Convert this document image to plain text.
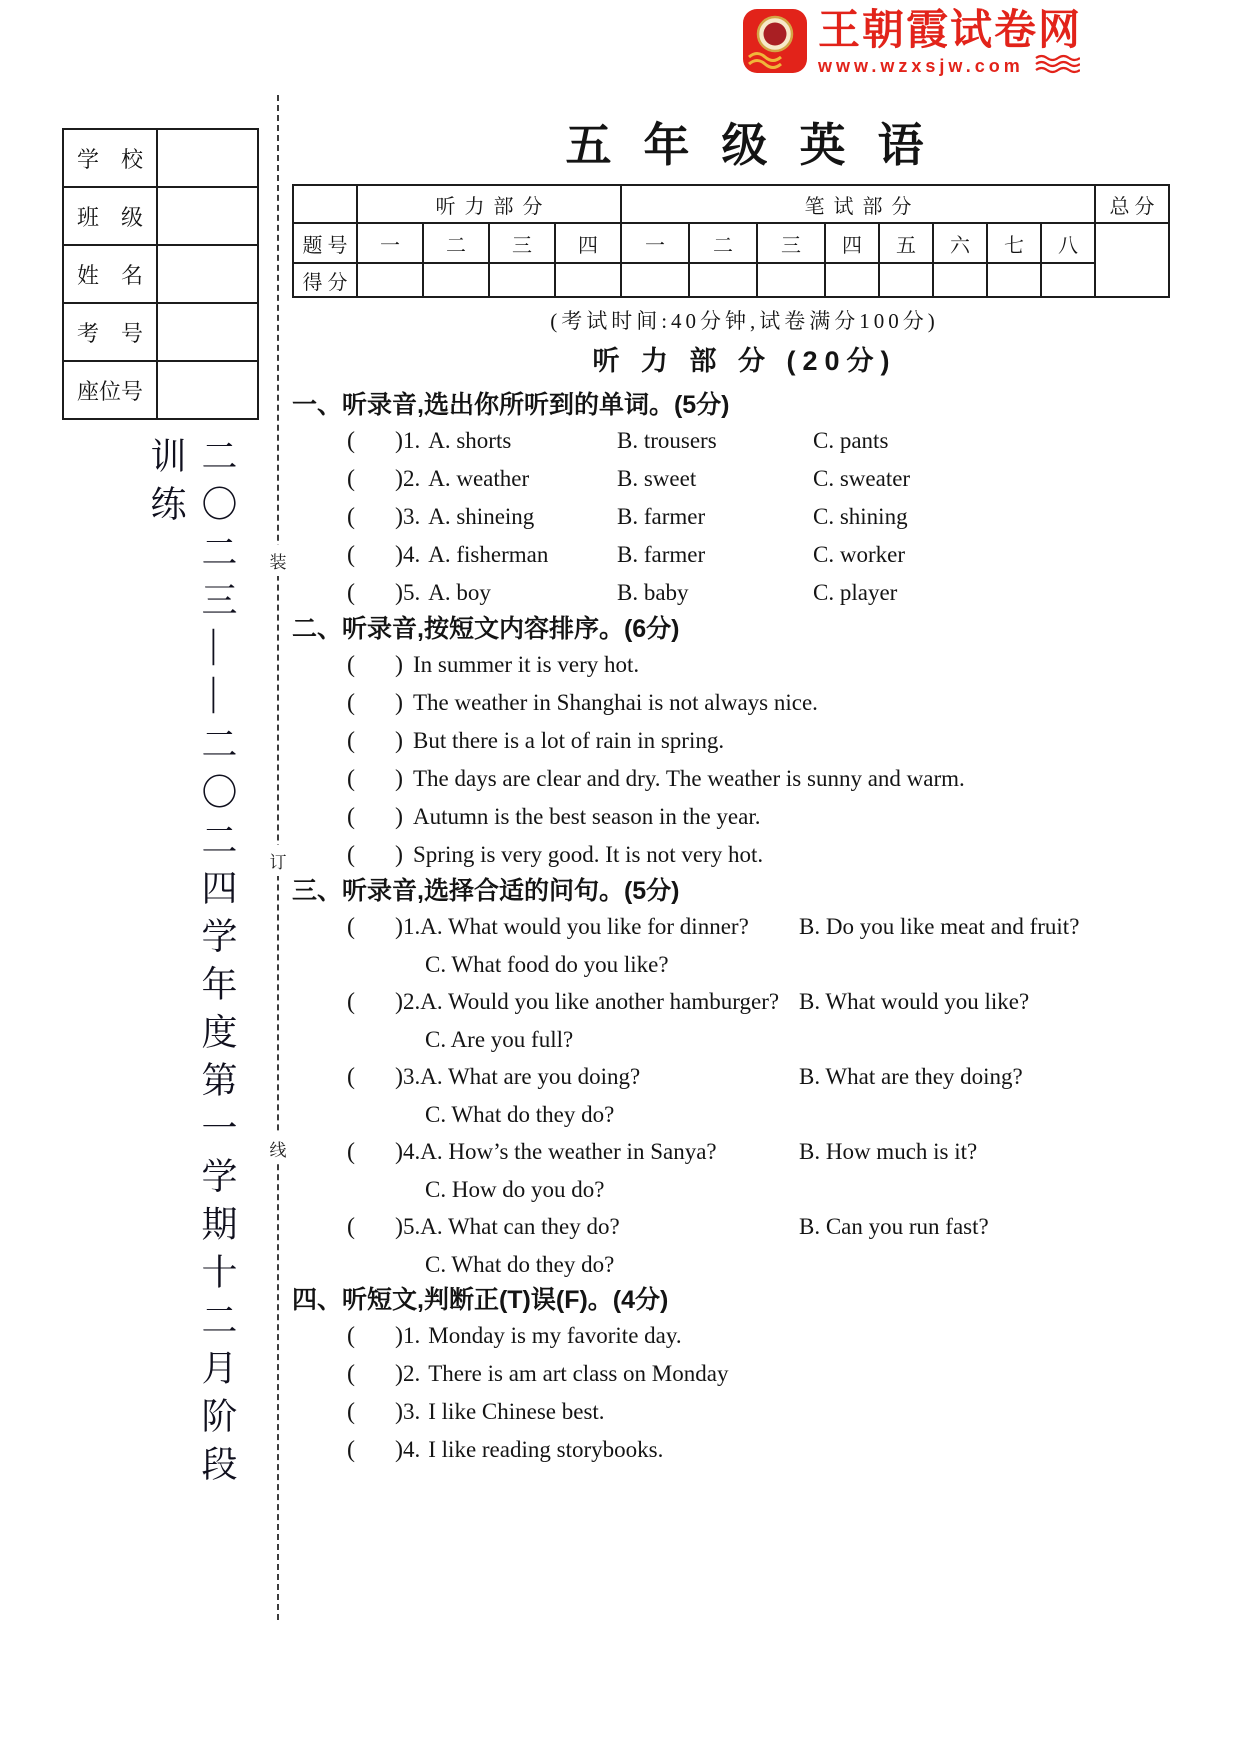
王朝霞试卷网
www.wzxsjw.com
学　校	
班　级	
姓　名	
考　号	
座位号	
二〇二三——二〇二四学年度第一学期十二月阶段训练
装
订
线
五年级英语
	听力部分				笔试部分								总 分
题 号	一	二	三	四	一	二	三	四	五	六	七	八	
得 分													
(考试时间:40分钟,试卷满分100分)
听 力 部 分 (20分)
一、听录音,选出你所听到的单词。(5分)
( ) 1. A. shorts	B. trousers	C. pants
( ) 2. A. weather	B. sweet	C. sweater
( ) 3. A. shineing	B. farmer	C. shining
( ) 4. A. fisherman	B. farmer	C. worker
( ) 5. A. boy	B. baby	C. player
二、听录音,按短文内容排序。(6分)
( ) In summer it is very hot.
( ) The weather in Shanghai is not always nice.
( ) But there is a lot of rain in spring.
( ) The days are clear and dry. The weather is sunny and warm.
( ) Autumn is the best season in the year.
( ) Spring is very good. It is not very hot.
三、听录音,选择合适的问句。(5分)
( ) 1.A. What would you like for dinner?	B. Do you like meat and fruit?
C. What food do you like?
( ) 2.A. Would you like another hamburger? B. What would you like?
C. Are you full?
( ) 3.A. What are you doing?	B. What are they doing?
C. What do they do?
( ) 4.A. How’s the weather in Sanya?	B. How much is it?
C. How do you do?
( ) 5.A. What can they do?	B. Can you run fast?
C. What do they do?
四、听短文,判断正(T)误(F)。(4分)
( ) 1. Monday is my favorite day.
( ) 2. There is am art class on Monday
( ) 3. I like Chinese best.
( ) 4. I like reading storybooks.
